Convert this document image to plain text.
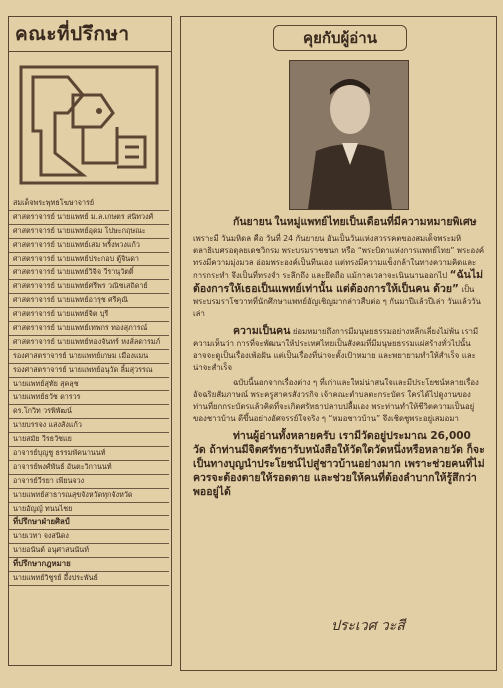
คณะที่ปรึกษา
สมเด็จพระพุทธโฆษาจารย์
ศาสตราจารย์ นายแพทย์ ม.ล.เกษตร สนิทวงศ์
ศาสตราจารย์ นายแพทย์อุดม โปษะกฤษณะ
ศาสตราจารย์ นายแพทย์เสม พริ้งพวงแก้ว
ศาสตราจารย์ นายแพทย์ประกอบ ตู้จินดา
ศาสตราจารย์ นายแพทย์วิจิจ วีรานุวัตติ์
ศาสตราจารย์ นายแพทย์ศรีพร วณิชเสถิดาย์
ศาสตราจารย์ นายแพทย์อารุช ศรีคุณิ
ศาสตราจารย์ นายแพทย์จิต บุรี
ศาสตราจารย์ นายแพทย์เทพกร ทองสุภารณ์
ศาสตราจารย์ นายแพทย์ทองจันทร์ หงส์ลดารมภ์
รองศาสตราจารย์ นายแพทย์เกษม เมืองแมน
รองศาสตราจารย์ นายแพทย์อนุวัด ลิ้มสุวรรณ
นายแพทย์สุทัย สุคลุช
นายแพทย์ธวัช ดารวร
ดร.โกวิท วรพิพัฒน์
นายบรรจง แสงสังแก้ว
นายสมัย วีรธวัชแย
อาจารย์บุญชู ธรรมพัคนานนท์
อาจารย์พงศ์พันธ์ อันตะวิกานนท์
อาจารย์วีรยา เพียนจวง
นายแพทย์สาธารณสุขจังหวัดทุกจังหวัด
นายอัญญ์ ทนนไชย
ที่ปรึกษาฝ่ายศิลป์
นายเวทา จงสนิดง
นายอนันต์ อนุศาสนนันท์
ที่ปรึกษากฎหมาย
นายแพทย์วิชูรย์ อึ้งประพันธ์
คุยกับผู้อ่าน

กันยายน ในหมู่แพทย์ไทยเป็นเดือนที่มีความหมายพิเศษ

เพราะมี วันมหิดล คือ วันที่ 24 กันยายน อันเป็นวันแห่งสวรรคตของสมเด็จพระมหิตลาธิเบศรอดุลยเดชวิกรม พระบรมราชชนก หรือ “พระบิดาแห่งการแพทย์ไทย” พระองค์ทรงมีความมุ่งมวล อ่อมพระองค์เป็นทีนเอง แต่ทรงมีความแข็งกล้าในทางความคิดและการกระทำ จึงเป็นที่ทรงจำ ระลึกถึง และยึดถือ แม้กาลเวลาจะเนินนานออกไป “ฉันไม่ต้องการให้เธอเป็นแพทย์เท่านั้น แต่ต้องการให้เป็นคน ด้วย” เป็นพระบรมราโชวาทที่นักศึกษาแพทย์อัญเชิญมากล่าวสืบต่อ ๆ กันมาปีแล้วปีเล่า วันแล้ววันเล่า

ความเป็นคน ย่อมหมายถึงการมีมนุษยธรรมอย่างหลีกเลี่ยงไม่พ้น เรามีความเห็นว่า การที่จะพัฒนาให้ประเทศไทยเป็นสังคมที่มีมนุษยธรรมแผ่สร้างทั่วไปนั้น อาจจะดูเป็นเรื่องเพ้อฝัน แต่เป็นเรื่องที่น่าจะตั้งเป้าหมาย และพยายามทำให้สำเร็จ และน่าจะสำเร็จ

ฉบับนี้นอกจากเรื่องต่าง ๆ ที่เก่าและใหม่น่าสนใจและมีประโยชน์หลายเรื่อง อัจฉริยสัมภาษณ์ พระครูสาครสังวรกิจ เจ้าคณะตำบลตะกระบัตร ใครได้ไปดูงานของท่านที่ยกกระบัตรแล้วคิดที่จะเกิดศรัทธาปลาบปลื้มเอง พระท่านทำให้ชีวิตความเป็นอยู่ของชาวบ้าน ดีขึ้นอย่างอัศจรรย์ใจจริง ๆ “หมอชาวบ้าน” จึงเชิดชูพระอยู่เสมอมา

ท่านผู้อ่านทั้งหลายครับ เรามีวัดอยู่ประมาณ 26,000 วัด ถ้าท่านมีจิตศรัทธารับหนังสือให้วัดใดวัดหนึ่งหรือหลายวัด ก็จะเป็นทางบุญนำประโยชน์ไปสู่ชาวบ้านอย่างมาก เพราะช่วยคนที่ไม่ควรจะต้องตายให้รอดตาย และช่วยให้คนที่ต้องลำบากให้รู้สึกว่าพออยู่ได้

ประเวศ วะสี
